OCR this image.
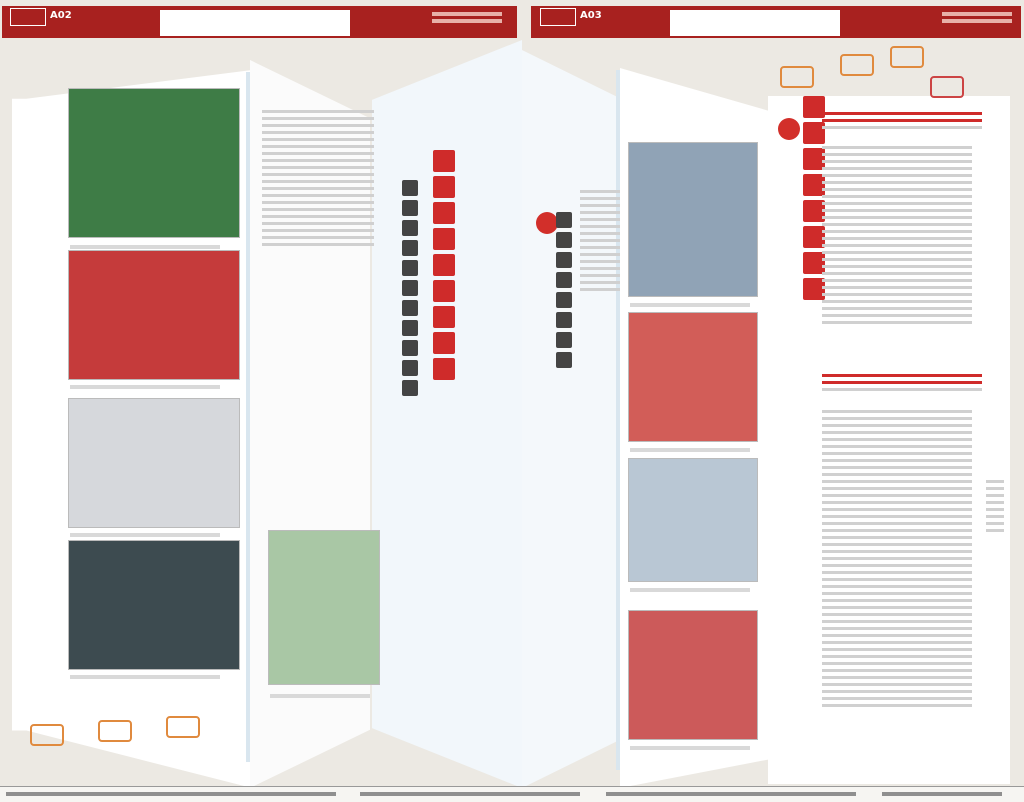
A02	A03
